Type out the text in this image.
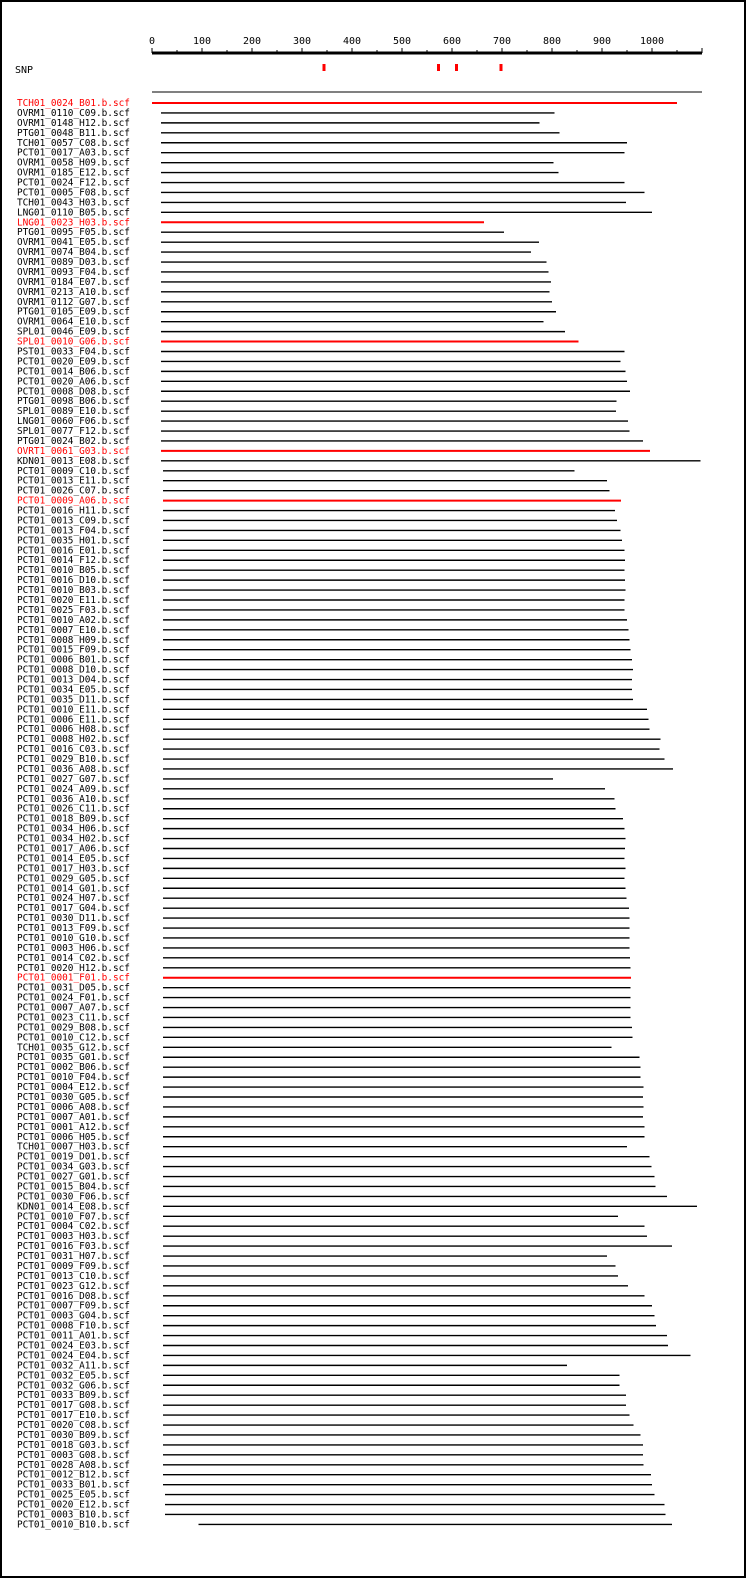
0	100	200	300	400	500	600	700	800	900	1000
SNP
TCH01_0024_B01.b.scf
OVRM1_0110_C09.b.scf
OVRM1_0148_H12.b.scf
PTG01_0048_B11.b.scf
TCH01_0057_C08.b.scf
PCT01_0017_A03.b.scf
OVRM1_0058_H09.b.scf
OVRM1_0185_E12.b.scf
PCT01_0024_F12.b.scf
PCT01_0005_F08.b.scf
TCH01_0043_H03.b.scf
LNG01_0110_B05.b.scf
LNG01_0023_H03.b.scf
PTG01_0095_F05.b.scf
OVRM1_0041_E05.b.scf
OVRM1_0074_B04.b.scf
OVRM1_0089_D03.b.scf
OVRM1_0093_F04.b.scf
OVRM1_0184_E07.b.scf
OVRM1_0213_A10.b.scf
OVRM1_0112_G07.b.scf
PTG01_0105_E09.b.scf
OVRM1_0064_E10.b.scf
SPL01_0046_E09.b.scf
SPL01_0010_G06.b.scf
PST01_0033_F04.b.scf
PCT01_0020_E09.b.scf
PCT01_0014_B06.b.scf
PCT01_0020_A06.b.scf
PCT01_0008_D08.b.scf
PTG01_0098_B06.b.scf
SPL01_0089_E10.b.scf
LNG01_0060_F06.b.scf
SPL01_0077_F12.b.scf
PTG01_0024_B02.b.scf
OVRT1_0061_G03.b.scf
KDN01_0013_E08.b.scf
PCT01_0009_C10.b.scf
PCT01_0013_E11.b.scf
PCT01_0026_C07.b.scf
PCT01_0009_A06.b.scf
PCT01_0016_H11.b.scf
PCT01_0013_C09.b.scf
PCT01_0013_F04.b.scf
PCT01_0035_H01.b.scf
PCT01_0016_E01.b.scf
PCT01_0014_F12.b.scf
PCT01_0010_B05.b.scf
PCT01_0016_D10.b.scf
PCT01_0010_B03.b.scf
PCT01_0020_E11.b.scf
PCT01_0025_F03.b.scf
PCT01_0010_A02.b.scf
PCT01_0007_E10.b.scf
PCT01_0008_H09.b.scf
PCT01_0015_F09.b.scf
PCT01_0006_B01.b.scf
PCT01_0008_D10.b.scf
PCT01_0013_D04.b.scf
PCT01_0034_E05.b.scf
PCT01_0035_D11.b.scf
PCT01_0010_E11.b.scf
PCT01_0006_E11.b.scf
PCT01_0006_H08.b.scf
PCT01_0008_H02.b.scf
PCT01_0016_C03.b.scf
PCT01_0029_B10.b.scf
PCT01_0036_A08.b.scf
PCT01_0027_G07.b.scf
PCT01_0024_A09.b.scf
PCT01_0036_A10.b.scf
PCT01_0026_C11.b.scf
PCT01_0018_B09.b.scf
PCT01_0034_H06.b.scf
PCT01_0034_H02.b.scf
PCT01_0017_A06.b.scf
PCT01_0014_E05.b.scf
PCT01_0017_H03.b.scf
PCT01_0029_G05.b.scf
PCT01_0014_G01.b.scf
PCT01_0024_H07.b.scf
PCT01_0017_G04.b.scf
PCT01_0030_D11.b.scf
PCT01_0013_F09.b.scf
PCT01_0010_G10.b.scf
PCT01_0003_H06.b.scf
PCT01_0014_C02.b.scf
PCT01_0020_H12.b.scf
PCT01_0001_F01.b.scf
PCT01_0031_D05.b.scf
PCT01_0024_F01.b.scf
PCT01_0007_A07.b.scf
PCT01_0023_C11.b.scf
PCT01_0029_B08.b.scf
PCT01_0010_C12.b.scf
TCH01_0035_G12.b.scf
PCT01_0035_G01.b.scf
PCT01_0002_B06.b.scf
PCT01_0010_F04.b.scf
PCT01_0004_E12.b.scf
PCT01_0030_G05.b.scf
PCT01_0006_A08.b.scf
PCT01_0007_A01.b.scf
PCT01_0001_A12.b.scf
PCT01_0006_H05.b.scf
TCH01_0007_H03.b.scf
PCT01_0019_D01.b.scf
PCT01_0034_G03.b.scf
PCT01_0027_G01.b.scf
PCT01_0015_B04.b.scf
PCT01_0030_F06.b.scf
KDN01_0014_E08.b.scf
PCT01_0010_F07.b.scf
PCT01_0004_C02.b.scf
PCT01_0003_H03.b.scf
PCT01_0016_F03.b.scf
PCT01_0031_H07.b.scf
PCT01_0009_F09.b.scf
PCT01_0013_C10.b.scf
PCT01_0023_G12.b.scf
PCT01_0016_D08.b.scf
PCT01_0007_F09.b.scf
PCT01_0003_G04.b.scf
PCT01_0008_F10.b.scf
PCT01_0011_A01.b.scf
PCT01_0024_E03.b.scf
PCT01_0024_E04.b.scf
PCT01_0032_A11.b.scf
PCT01_0032_E05.b.scf
PCT01_0032_G06.b.scf
PCT01_0033_B09.b.scf
PCT01_0017_G08.b.scf
PCT01_0017_E10.b.scf
PCT01_0020_C08.b.scf
PCT01_0030_B09.b.scf
PCT01_0018_G03.b.scf
PCT01_0003_G08.b.scf
PCT01_0028_A08.b.scf
PCT01_0012_B12.b.scf
PCT01_0033_B01.b.scf
PCT01_0025_E05.b.scf
PCT01_0020_E12.b.scf
PCT01_0003_B10.b.scf
PCT01_0010_B10.b.scf
